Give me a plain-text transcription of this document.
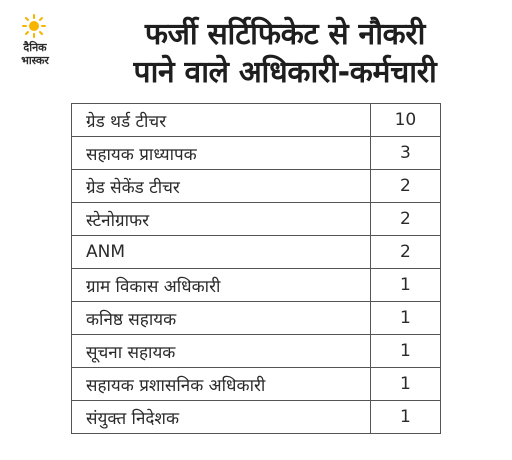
दैनिक
भास्कर
फर्जी सर्टिफिकेट से नौकरी
पाने वाले अधिकारी-कर्मचारी
ग्रेड थर्ड टीचर	10
सहायक प्राध्यापक	3
ग्रेड सेकेंड टीचर	2
स्टेनोग्राफर	2
ANM	2
ग्राम विकास अधिकारी	1
कनिष्ठ सहायक	1
सूचना सहायक	1
सहायक प्रशासनिक अधिकारी	1
संयुक्त निदेशक	1
